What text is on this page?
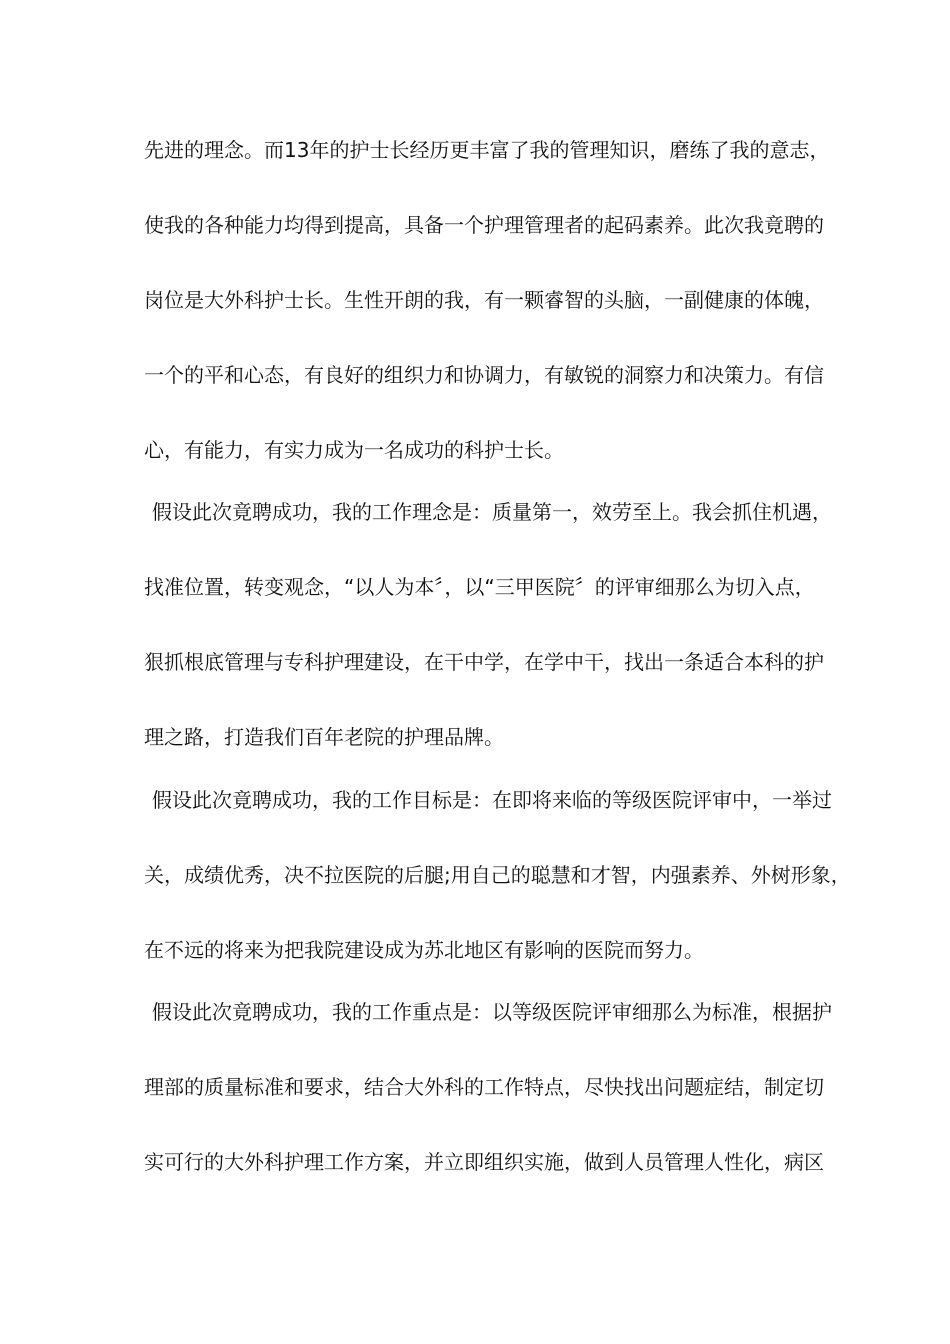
先进的理念。而13年的护士长经历更丰富了我的管理知识，磨练了我的意志，
使我的各种能力均得到提高，具备一个护理管理者的起码素养。此次我竟聘的
岗位是大外科护士长。生性开朗的我，有一颗睿智的头脑，一副健康的体魄，
一个的平和心态，有良好的组织力和协调力，有敏锐的洞察力和决策力。有信
心，有能力，有实力成为一名成功的科护士长。
假设此次竟聘成功，我的工作理念是：质量第一，效劳至上。我会抓住机遇，
找准位置，转变观念，“以人为本〞，以“三甲医院〞的评审细那么为切入点，
狠抓根底管理与专科护理建设，在干中学，在学中干，找出一条适合本科的护
理之路，打造我们百年老院的护理品牌。
假设此次竟聘成功，我的工作目标是：在即将来临的等级医院评审中，一举过
关，成绩优秀，决不拉医院的后腿;用自己的聪慧和才智，内强素养、外树形象，
在不远的将来为把我院建设成为苏北地区有影响的医院而努力。
假设此次竟聘成功，我的工作重点是：以等级医院评审细那么为标准，根据护
理部的质量标准和要求，结合大外科的工作特点，尽快找出问题症结，制定切
实可行的大外科护理工作方案，并立即组织实施，做到人员管理人性化，病区
